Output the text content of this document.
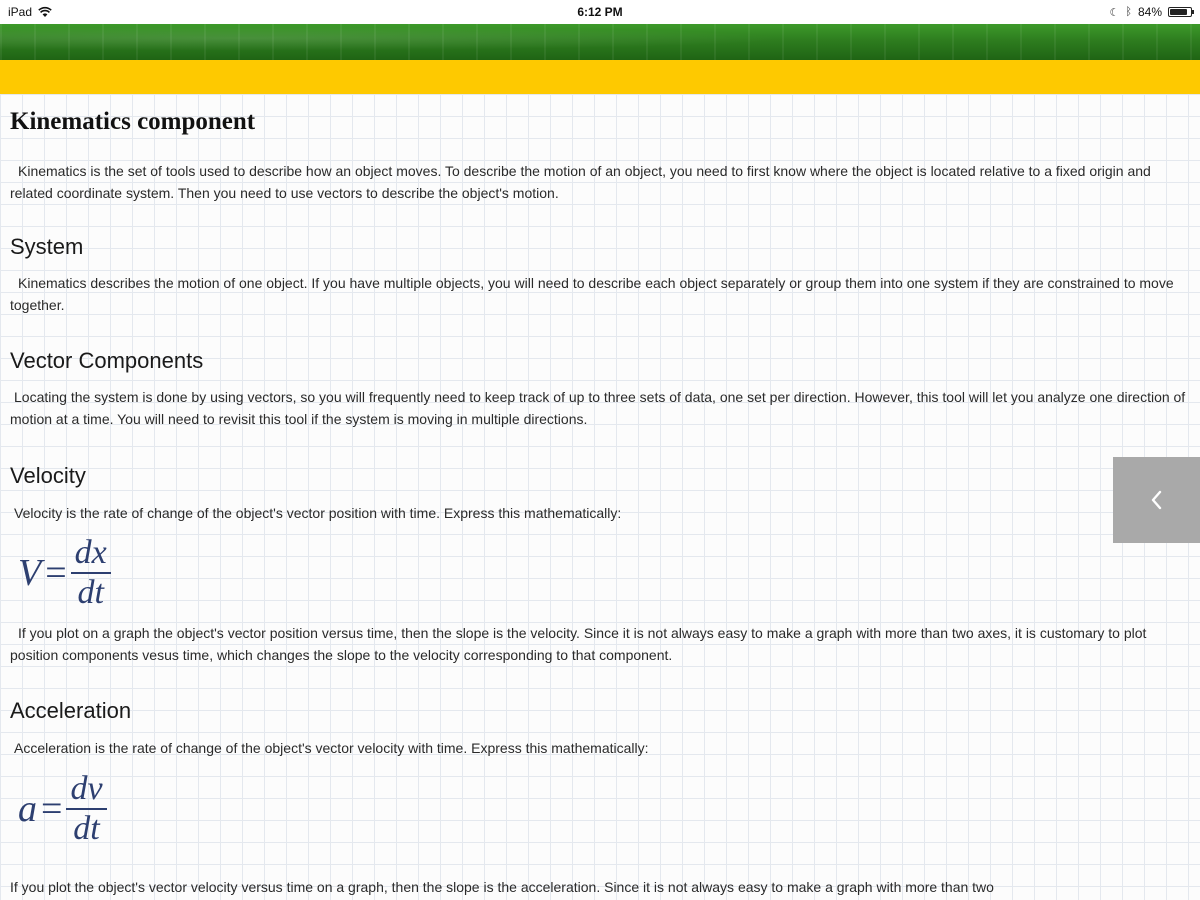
iPad	6:12 PM	☾ ᛒ 84%
Kinematics component

Kinematics is the set of tools used to describe how an object moves. To describe the motion of an object, you need to first know where the object is located relative to a fixed origin and related coordinate system. Then you need to use vectors to describe the object's motion.

System

Kinematics describes the motion of one object. If you have multiple objects, you will need to describe each object separately or group them into one system if they are constrained to move together.

Vector Components

Locating the system is done by using vectors, so you will frequently need to keep track of up to three sets of data, one set per direction. However, this tool will let you analyze one direction of motion at a time. You will need to revisit this tool if the system is moving in multiple directions.

Velocity

Velocity is the rate of change of the object's vector position with time. Express this mathematically:

$V = \frac{dx}{dt}$

If you plot on a graph the object's vector position versus time, then the slope is the velocity. Since it is not always easy to make a graph with more than two axes, it is customary to plot position components vesus time, which changes the slope to the velocity corresponding to that component.

Acceleration

Acceleration is the rate of change of the object's vector velocity with time. Express this mathematically:

$a = \frac{dv}{dt}$

If you plot the object's vector velocity versus time on a graph, then the slope is the acceleration. Since it is not always easy to make a graph with more than two
